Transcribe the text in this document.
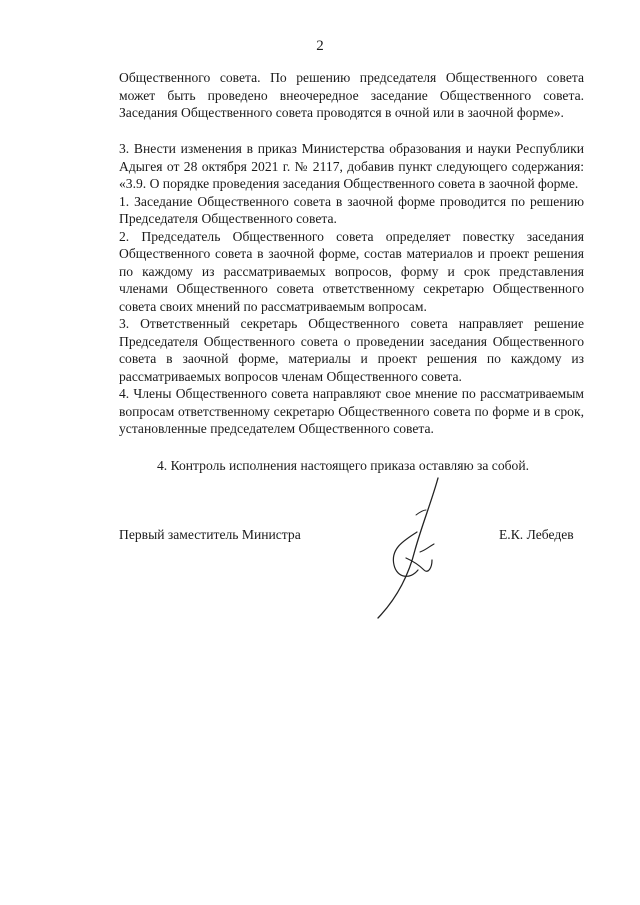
2

Общественного совета. По решению председателя Общественного совета может быть проведено внеочередное заседание Общественного совета. Заседания Общественного совета проводятся в очной или в заочной форме».

3. Внести изменения в приказ Министерства образования и науки Республики Адыгея от 28 октября 2021 г. № 2117, добавив пункт следующего содержания: «3.9. О порядке проведения заседания Общественного совета в заочной форме.

1. Заседание Общественного совета в заочной форме проводится по решению Председателя Общественного совета.

2. Председатель Общественного совета определяет повестку заседания Общественного совета в заочной форме, состав материалов и проект решения по каждому из рассматриваемых вопросов, форму и срок представления членами Общественного совета ответственному секретарю Общественного совета своих мнений по рассматриваемым вопросам.

3. Ответственный секретарь Общественного совета направляет решение Председателя Общественного совета о проведении заседания Общественного совета в заочной форме, материалы и проект решения по каждому из рассматриваемых вопросов членам Общественного совета.

4. Члены Общественного совета направляют свое мнение по рассматриваемым вопросам ответственному секретарю Общественного совета по форме и в срок, установленные председателем Общественного совета.

4. Контроль исполнения настоящего приказа оставляю за собой.
Первый заместитель Министра	Е.К. Лебедев
